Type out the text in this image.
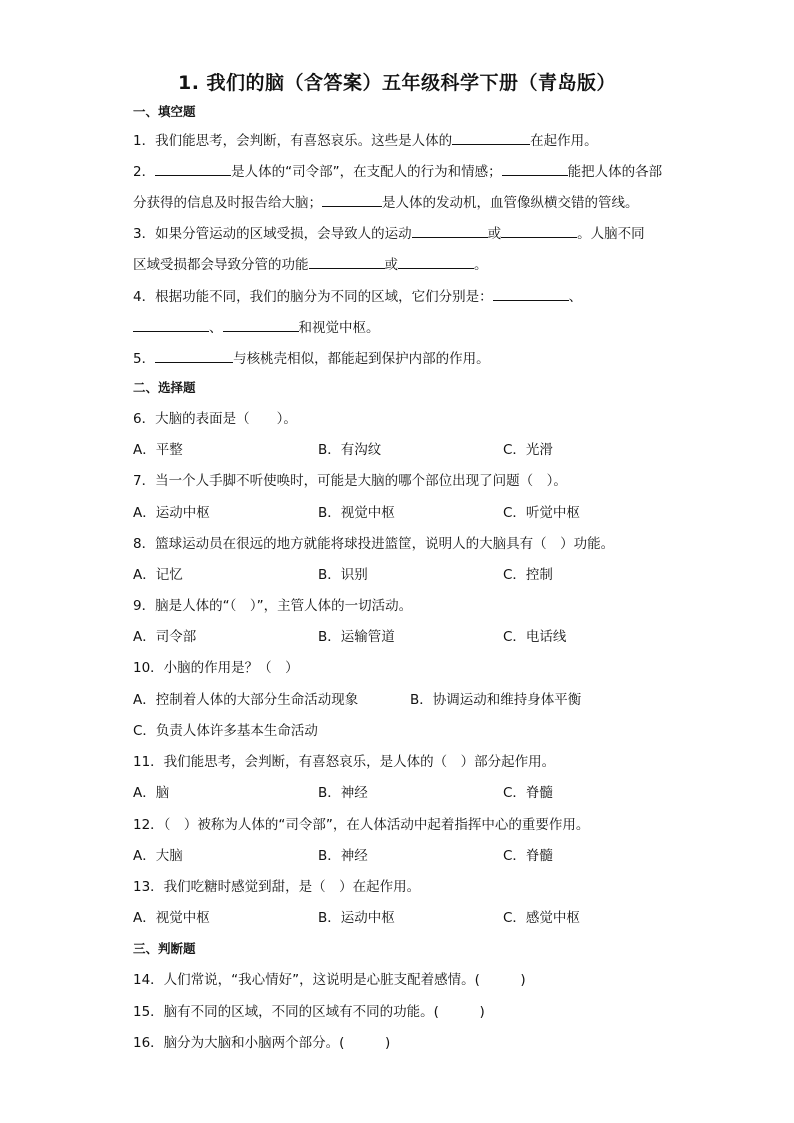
1. 我们的脑（含答案）五年级科学下册（青岛版）
一、填空题
1．我们能思考，会判断，有喜怒哀乐。这些是人体的	在起作用。
2．	是人体的“司令部”，在支配人的行为和情感；	能把人体的各部
分获得的信息及时报告给大脑；	是人体的发动机，血管像纵横交错的管线。
3．如果分管运动的区域受损，会导致人的运动	或	。人脑不同
区域受损都会导致分管的功能	或	。
4．根据功能不同，我们的脑分为不同的区域，它们分别是：	、
、	和视觉中枢。
5．	与核桃壳相似，都能起到保护内部的作用。
二、选择题
6．大脑的表面是（　　）。
A．平整	B．有沟纹	C．光滑
7．当一个人手脚不听使唤时，可能是大脑的哪个部位出现了问题（　）。
A．运动中枢	B．视觉中枢	C．听觉中枢
8．篮球运动员在很远的地方就能将球投进篮筐，说明人的大脑具有（　）功能。
A．记忆	B．识别	C．控制
9．脑是人体的“（　）”，主管人体的一切活动。
A．司令部	B．运输管道	C．电话线
10．小脑的作用是？（　）
A．控制着人体的大部分生命活动现象	B．协调运动和维持身体平衡
C．负责人体许多基本生命活动
11．我们能思考，会判断，有喜怒哀乐，是人体的（　）部分起作用。
A．脑	B．神经	C．脊髓
12．（　）被称为人体的“司令部”，在人体活动中起着指挥中心的重要作用。
A．大脑	B．神经	C．脊髓
13．我们吃糖时感觉到甜，是（　）在起作用。
A．视觉中枢	B．运动中枢	C．感觉中枢
三、判断题
14．人们常说，“我心情好”，这说明是心脏支配着感情。(　　　)
15．脑有不同的区域，不同的区域有不同的功能。(　　　)
16．脑分为大脑和小脑两个部分。(　　　)
